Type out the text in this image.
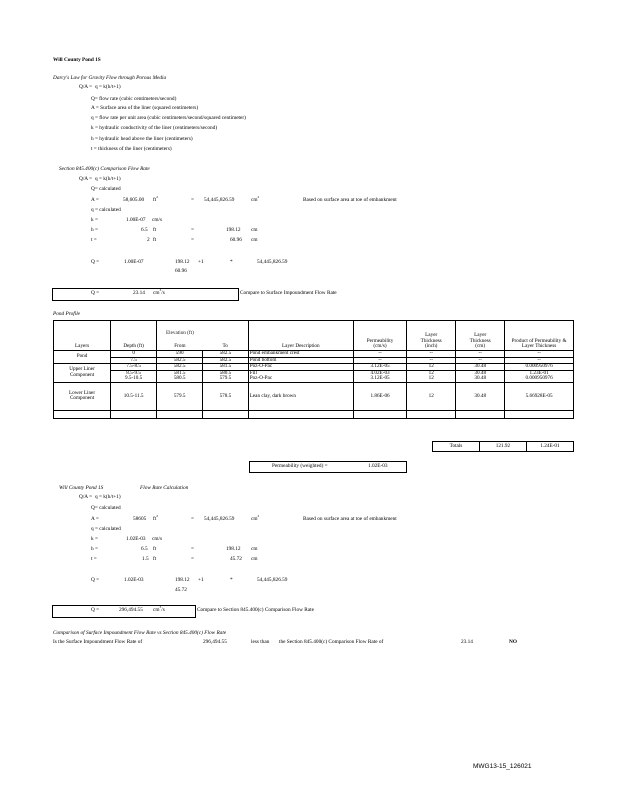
Will County Pond 1S
Darcy's Law for Gravity Flow through Porous Media
Q/A = q = k(h/t+1)
Q= flow rate (cubic centimeters/second)
A = Surface area of the liner (squared centimeters)
q = flow rate per unit area (cubic centimeters/second/squared centimeter)
k = hydraulic conductivity of the liner (centimeters/second)
h = hydraulic head above the liner (centimeters)
t = thickness of the liner (centimeters)
Section 845.400(c) Comparison Flow Rate
Q/A = q = k(h/t+1)
Q= calculated
A =	58,605.00 $ft^2$	= 54,445,826.59	$cm^2$	Based on surface area at toe of embankment
q = calculated
k =	1.00E-07 cm/s
h =	6.5 ft	=	198.12 cm
t =	2 ft	=	60.96 cm
Q =	1.00E-07	198.12 +1	*	54,445,826.59
60.96
Q =	23.14 $cm^3/s$	Compare to Surface Impoundment Flow Rate
Pond Profile
Layers	Depth (ft)	Elevation (ft)
From	To	Layer Description	Permeability (cm/s)	Layer Thickness (inch)	Layer Thickness (cm)	Product of Permeability & Layer Thickness

Pond	0	590	582.5	Pond embankment crest	--	--	--	--
	7.5	582.5	582.5	Pond bottom	--	--	--	--

Upper Liner Component	7.5-8.5	582.5	581.5	Poz-O-Pac	3.12E-05	12	30.48	0.000950976
	8.5-9.5	581.5	580.5	Fill	4.02E-03	12	30.48	1.23E-01
	9.5-10.5	580.5	579.5	Poz-O-Pac	3.12E-05	12	30.48	0.000950976

Lower Liner Component	10.5-11.5	579.5	578.5	Lean clay, dark brown	1.86E-06	12	30.48	5.66928E-05

Totals	121.92	1.24E-01
Permeability (weighted) =	1.02E-03
Will County Pond 1S	Flow Rate Calculation
Q/A = q = k(h/t+1)
Q= calculated
A =	58605 $ft^2$	= 54,445,826.59	$cm^2$	Based on surface area at toe of embankment
q = calculated
k =	1.02E-03 cm/s
h =	6.5 ft	=	198.12 cm
t =	1.5 ft	=	45.72 cm
Q =	1.02E-03	198.12 +1	*	54,445,826.59
45.72
Q =	296,494.55 $cm^3/s$	Compare to Section 845.400(c) Comparison Flow Rate
Comparison of Surface Impoundment Flow Rate vs Section 845.400(c) Flow Rate
Is the Surface Impoundment Flow Rate of	296,494.55	less than the Section 845.400(c) Comparison Flow Rate of	23.14	NO
MWG13-15_126021
